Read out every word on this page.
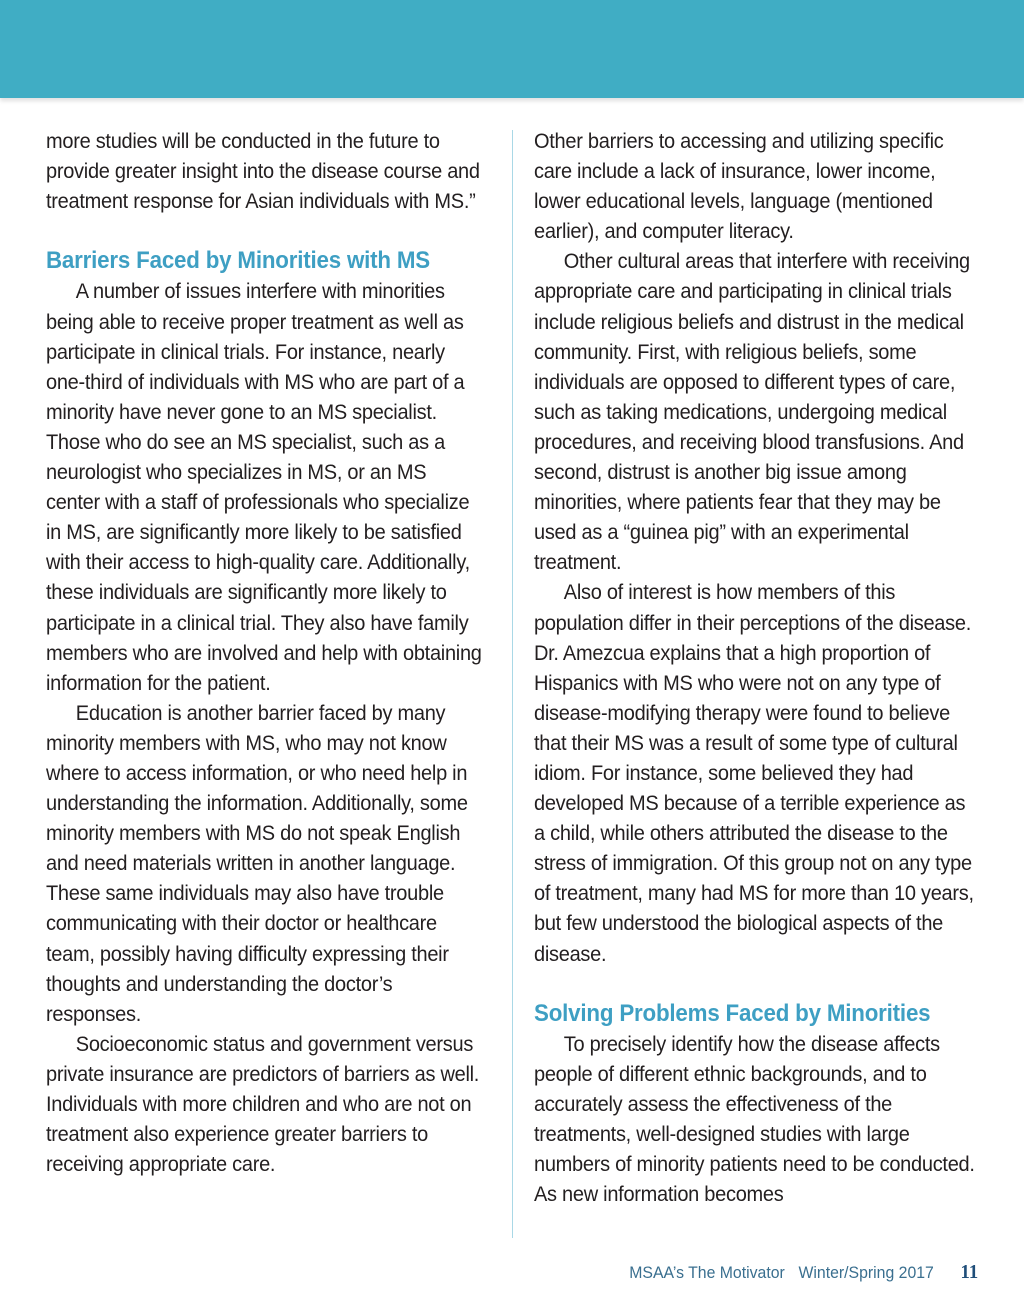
more studies will be conducted in the future to provide greater insight into the disease course and treatment response for Asian individuals with MS.”

Barriers Faced by Minorities with MS

A number of issues interfere with minorities being able to receive proper treatment as well as participate in clinical trials. For instance, nearly one-third of individuals with MS who are part of a minority have never gone to an MS specialist. Those who do see an MS specialist, such as a neurologist who specializes in MS, or an MS center with a staff of professionals who specialize in MS, are significantly more likely to be satisfied with their access to high-quality care. Additionally, these individuals are significantly more likely to participate in a clinical trial. They also have family members who are involved and help with obtaining information for the patient.

Education is another barrier faced by many minority members with MS, who may not know where to access information, or who need help in understanding the information. Additionally, some minority members with MS do not speak English and need materials written in another language. These same individuals may also have trouble communicating with their doctor or healthcare team, possibly having difficulty expressing their thoughts and understanding the doctor’s responses.

Socioeconomic status and government versus private insurance are predictors of barriers as well. Individuals with more children and who are not on treatment also experience greater barriers to receiving appropriate care.

Other barriers to accessing and utilizing specific care include a lack of insurance, lower income, lower educational levels, language (mentioned earlier), and computer literacy.

Other cultural areas that interfere with receiving appropriate care and participating in clinical trials include religious beliefs and distrust in the medical community. First, with religious beliefs, some individuals are opposed to different types of care, such as taking medications, undergoing medical procedures, and receiving blood transfusions. And second, distrust is another big issue among minorities, where patients fear that they may be used as a “guinea pig” with an experimental treatment.

Also of interest is how members of this population differ in their perceptions of the disease. Dr. Amezcua explains that a high proportion of Hispanics with MS who were not on any type of disease-modifying therapy were found to believe that their MS was a result of some type of cultural idiom. For instance, some believed they had developed MS because of a terrible experience as a child, while others attributed the disease to the stress of immigration. Of this group not on any type of treatment, many had MS for more than 10 years, but few understood the biological aspects of the disease.

Solving Problems Faced by Minorities

To precisely identify how the disease affects people of different ethnic backgrounds, and to accurately assess the effectiveness of the treatments, well-designed studies with large numbers of minority patients need to be conducted. As new information becomes

MSAA’s The Motivator Winter/Spring 2017 11
